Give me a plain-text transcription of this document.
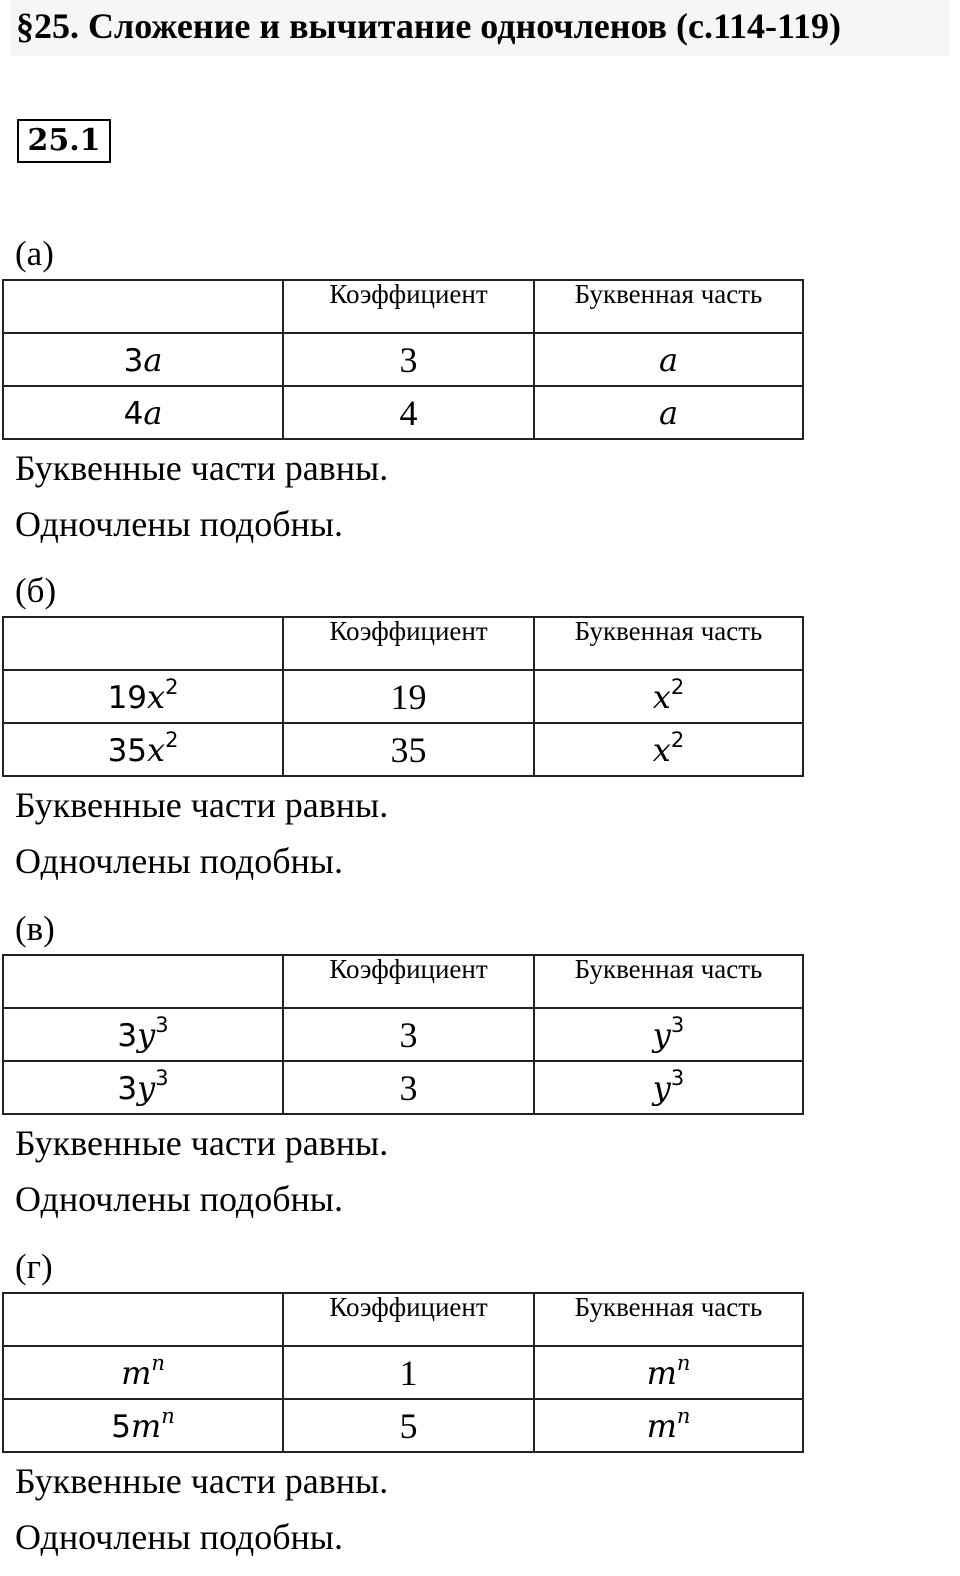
§25. Сложение и вычитание одночленов (с.114-119)
25.1
(а)
	Коэффициент	Буквенная часть
3a	3	a
4a	4	a
Буквенные части равны.
Одночлены подобны.
(б)
	Коэффициент	Буквенная часть
$19x^2$	19	$x^2$
$35x^2$	35	$x^2$
Буквенные части равны.
Одночлены подобны.
(в)
	Коэффициент	Буквенная часть
$3y^3$	3	$y^3$
$3y^3$	3	$y^3$
Буквенные части равны.
Одночлены подобны.
(г)
	Коэффициент	Буквенная часть
$m^n$	1	$m^n$
$5m^n$	5	$m^n$
Буквенные части равны.
Одночлены подобны.
